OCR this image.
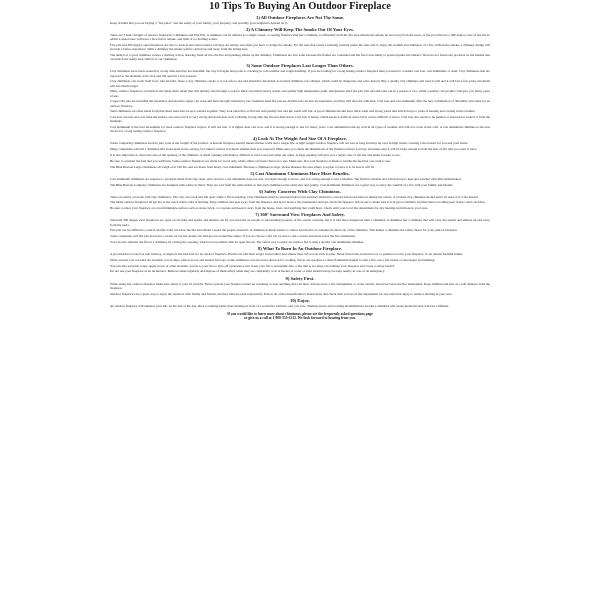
10 Tips To Buying An Outdoor Fireplace
1) All Outdoor Fireplaces Are Not The Same.

Keep in mind that you are buying a "fire place" and the safety of your family, your property, and possibly your neighbors depend on it.

2) A Chimney Will Keep The Smoke Out Of Your Eyes.

There are 3 basic designs of outdoor fireplaces: Chimineas and Fire Pits. A chiminea can be defined as a single vessel, a cooking fireplace that has a chimney to efficiently draft the fire and exhaust the smoke up and away from the users. A fire pit will have a 360 degree view of the fire in which a seated user will have a face full of smoke, and little or no drafting action.

Fire pits and 360 degree open fireplaces are nice to look at and stand around, but they are smoky and often you have to dodge the smoke. For the user that wants a relaxing evening under the stars and to enjoy the warmth and ambiance of a fire without the smoke, a chimney design will provide a better experience. With a chimney the smoke will be carried up and away from the sitting area.

The design of a good chiminea creates a drafting action, drawing fresh air into the fire and pushing smoke up the chimney. Chimineas are also safer because the flames are contained and the fire is less likely to spread sparks and embers. We have not found any products on the market that can match the safety and comfort of our chimineas.

3) Some Outdoor Fireplaces Last Longer Than Others.

Clay chimineas have been around for a long time and they are beautiful, but clay is fragile and prone to cracking in cold weather and rough handling. If you are looking for a long lasting outdoor fireplace then you need to consider cast iron, cast aluminum, or steel. Clay chimineas that are exposed to the elements will crack and fall apart in a few seasons.

Clay chimineas can crack from frost, rain and fire. Once a clay chiminea cracks, it is not safe to use and should be discarded. A cracked chiminea can collapse, which could be dangerous and a fire hazard. Buy a quality clay chiminea and treat it well and it will last a few years, but metal will last much longer.

Many outdoor fireplaces are made from cheap sheet metal that will quickly rust through. Look for thick cast metal, heavy welds, and quality high temperature paint. Inexpensive steel fire pits will rust and burn out in a season or two, while a quality cast product will give you many years of use.

Copper fire pits are beautiful but expensive and the thin copper can warp and burn through with heavy use. Stainless steel fire pits are durable but can also be expensive, and they will discolor with heat. Cast iron and cast aluminum offer the best combination of durability and value for an outdoor fireplace.

Steel chimineas are often made from thin sheet steel and are spot welded together. They look attractive at first but will quickly rust and the welds will fail. A good chiminea should have thick walls and strong joints that will hold up to years of heating and cooling in the weather.

Cast iron can rust and over time the surface can wear, but it is very strong and holds heat well, radiating it long after the fire has died down. Cast iron is heavy, which keeps it stable in wind, but it can be difficult to move. Cast iron also needs to be painted or seasoned to protect it from the elements.

Cast aluminum is the best investment for most outdoor fireplace buyers. It will not rust, it is lighter than cast iron, and it is strong enough to last for many years. Cast aluminum holds up well in all types of weather and will not crack in the cold. A cast aluminum chiminea is the best choice for a long lasting outdoor fireplace.

4) Look At The Weight And Size Of A Fireplace.

When comparing chimineas and fire pits, look at the weight of the product. A heavier fireplace usually means thicker walls and a longer life. A light weight outdoor fireplace will not last as long and may tip over in high winds, creating a fire hazard for you and your home.

Many companies will sell a chiminea that looks great in the catalog, but when it arrives it is much smaller than you expected. Make sure you check the dimensions of the fireplace before you buy, and make sure it will be large enough to hold the size of fire that you want to have.

It is also important to check the size of the opening of the chiminea. A small opening will make it difficult to load wood and clean out ashes. A large opening will give you a better view of the fire and make it easier to use.

Be sure to consider the fuel that you will burn. Some outdoor fireplaces are made for wood only, while others can burn charcoal or gas. Make sure that your fireplace is made to handle the fuel that you want to use.

The Blue Heaven Large Chimineas all weigh over 100 lbs. and are made from heavy cast aluminum. Because a chiminea is large, please measure the area where you plan to place it to be sure it will fit.

5) Cast Aluminum Chimineas Have More Benefits.

Cast aluminum chimineas are superior to products made from clay, steel, and cast iron. Cast aluminum does not rust, it is light enough to move, and it is strong enough to last a lifetime. The finish is durable and will hold up to heat and weather with little maintenance.

The Blue Heaven Company chimineas are designed with safety in mind. They are cast from the same molds so that each chiminea is the same size and quality. Cast aluminum chimineas are a great way to enjoy the warmth of a fire with your family and friends.

6) Safety Concerns With Clay Chimineas.

There are safety concerns with clay chimineas. The clay can crack and fall apart while a fire is burning. Clay chimineas must be seasoned before use and they should be covered and stored indoors during the winter. A cracked clay chiminea should never be used, it is a fire hazard.

The metal outdoor fireplaces all get hot to the touch when a fire is burning. Keep children and pets away from the fireplace and never leave a fire unattended. Always check the fireplace before use to make sure it is in good condition and that there is nothing near it that could catch fire.

Be sure to place your fireplace on a non flammable surface such as stone, brick, or concrete and keep it away from the house, trees, and anything that could burn. Check with your local fire department for any burning restrictions in your area.

7) 360° Surround View Fireplaces And Safety.

Surround 360 degree view fireplaces are open on all sides and sparks and embers can fly out and land on people or surrounding property. A fire screen can help, but it is still more dangerous than a chiminea. A chiminea has a chimney that will carry the sparks and embers up and away from the users.

Fire pits can be difficult to control and the wind can blow the fire and smoke toward the people around it. A chiminea is much easier to control and the fire is contained in the body of the chiminea. This makes a chiminea the safest choice for your outdoor fireplace.

Some companies sell fire pits that have a screen on top but sparks can still get out around the edges. If you do choose a fire pit, be sure to use a screen and never leave the fire unattended.

You can also smother the fire in a chiminea by closing the opening, which is not possible with an open fire pit. The safest way to enjoy an outdoor fire is with a quality cast aluminum chiminea.

8) What To Burn In An Outdoor Fireplace.

A good hardwood such as oak, hickory, or maple is the best fuel for an outdoor fireplace. Hardwood will burn longer and produce less smoke than soft woods such as pine. Never burn trash, treated wood, or painted wood in your fireplace, it can release harmful fumes.

Other sources you can burn are aromatic wood chips, pinion wood, and natural fire logs. Some chimineas can also burn charcoal for cooking. Never use gasoline or other flammable liquids to start a fire, use a fire starter or newspaper and kindling.

You can also add pine cones, apple wood, or other aromatic woods to your fire to give off a pleasant scent. Keep your fire a reasonable size, a fire that is too large can damage your fireplace and create a safety hazard.

Do not use your fireplace as an incinerator. Remove ashes regularly and dispose of them safely when they are completely cool. A bucket of water or sand should always be kept nearby in case of an emergency.

9) Safety First.

When using any outdoor fireplace make sure safety is your #1 priority. Never operate your fireplace under an overhang or near anything that can burn. Always have a fire extinguisher or water nearby, and never leave the fire unattended. Keep children and pets at a safe distance from the fireplace.

Outdoor fireplaces are a great way to enjoy the outdoors with family and friends, but they must be used responsibly. Follow all of the manufacturer's instructions and check with your local fire department for any rules that apply to outdoor burning in your area.

10) Enjoy.

An outdoor fireplace will enhance your life. At the end of the day, there is nothing better than relaxing in front of a warm fire with the ones you love. Sharing stories and roasting marshmallows around a chiminea will create memories that will last a lifetime.

If you would like to learn more about chimineas, please see the frequently asked questions page
or give us a call at 1-800-555-1212. We look forward to hearing from you.
